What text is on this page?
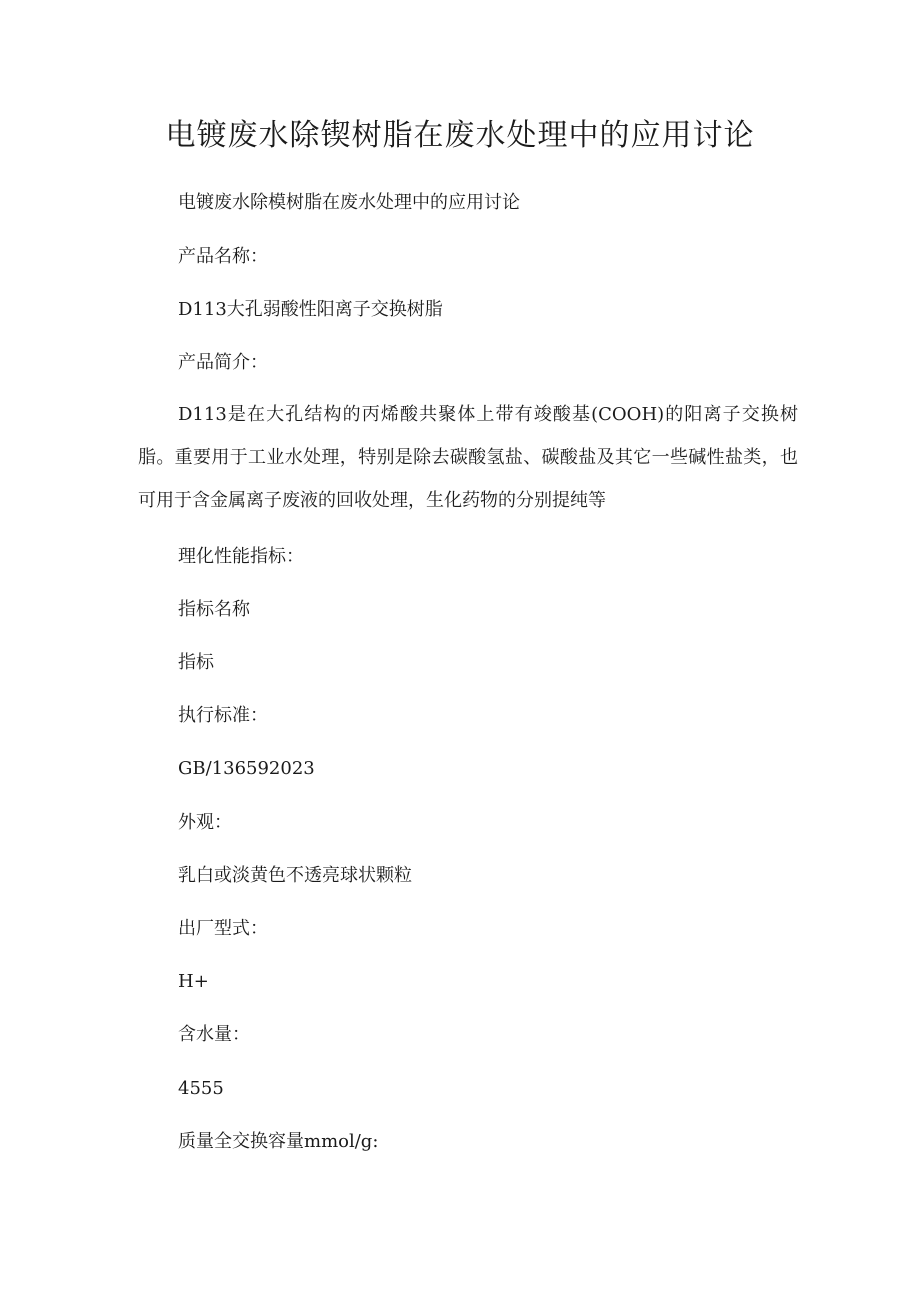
电镀废水除锲树脂在废水处理中的应用讨论

电镀废水除模树脂在废水处理中的应用讨论

产品名称：

D113大孔弱酸性阳离子交换树脂

产品简介：

D113是在大孔结构的丙烯酸共聚体上带有竣酸基(COOH)的阳离子交换树脂。重要用于工业水处理，特别是除去碳酸氢盐、碳酸盐及其它一些碱性盐类，也可用于含金属离子废液的回收处理，生化药物的分别提纯等

理化性能指标：

指标名称

指标

执行标准：

GB/136592023

外观：

乳白或淡黄色不透亮球状颗粒

出厂型式：

H+

含水量：

4555

质量全交换容量mmol/g:
